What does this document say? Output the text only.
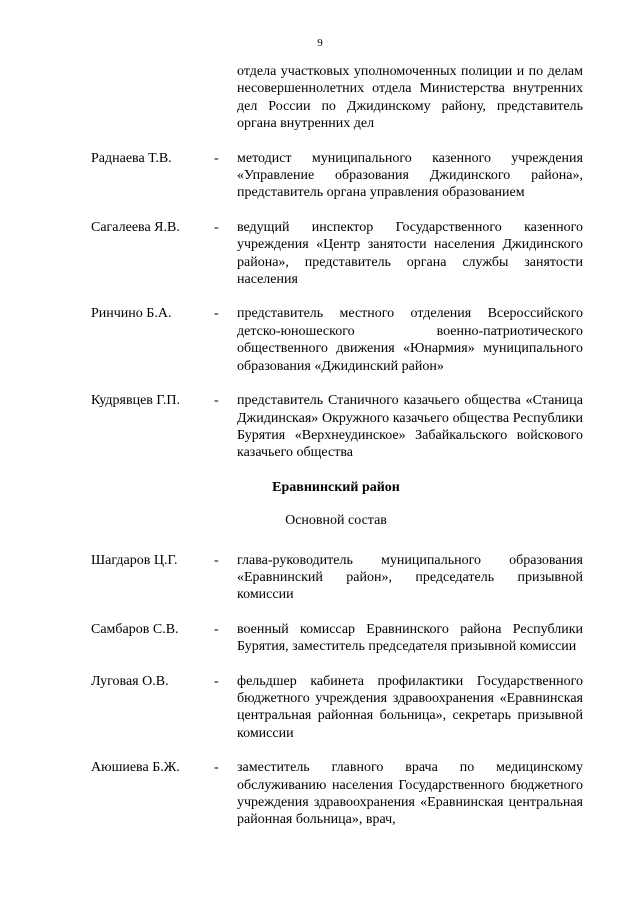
9
отдела участковых уполномоченных полиции и по делам несовершеннолетних отдела Министерства внутренних дел России по Джидинскому району, представитель органа внутренних дел
Раднаева Т.В.	- методист муниципального казенного учреждения «Управление образования Джидинского района», представитель органа управления образованием
Сагалеева Я.В. - ведущий инспектор Государственного казенного учреждения «Центр занятости населения Джидинского района», представитель органа службы занятости населения
Ринчино Б.А.	- представитель местного отделения Всероссийского детско-юношеского военно-патриотического общественного движения «Юнармия» муниципального образования «Джидинский район»
Кудрявцев Г.П. - представитель Станичного казачьего общества «Станица Джидинская» Окружного казачьего общества Республики Бурятия «Верхнеудинское» Забайкальского войскового казачьего общества
Еравнинский район
Основной состав
Шагдаров Ц.Г.	- глава-руководитель муниципального образования «Еравнинский район», председатель призывной комиссии
Самбаров С.В.	- военный комиссар Еравнинского района Республики Бурятия, заместитель председателя призывной комиссии
Луговая О.В.	- фельдшер кабинета профилактики Государственного бюджетного учреждения здравоохранения «Еравнинская центральная районная больница», секретарь призывной комиссии
Аюшиева Б.Ж. - заместитель главного врача по медицинскому обслуживанию населения Государственного бюджетного учреждения здравоохранения «Еравнинская центральная районная больница», врач,
